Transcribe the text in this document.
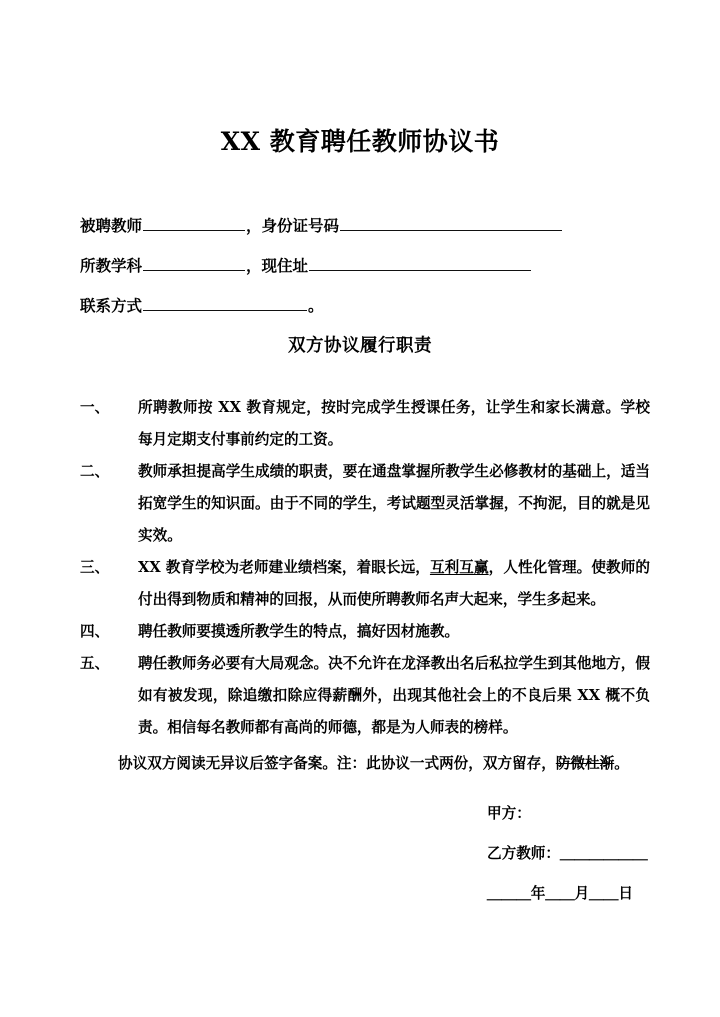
XX 教育聘任教师协议书
被聘教师	，身份证号码
所教学科	，现住址
联系方式	。
双方协议履行职责
一、	所聘教师按 XX 教育规定，按时完成学生授课任务，让学生和家长满意。学校每月定期支付事前约定的工资。
二、	教师承担提高学生成绩的职责，要在通盘掌握所教学生必修教材的基础上，适当拓宽学生的知识面。由于不同的学生，考试题型灵活掌握，不拘泥，目的就是见实效。
三、	XX 教育学校为老师建业绩档案，着眼长远，互利互赢，人性化管理。使教师的付出得到物质和精神的回报，从而使所聘教师名声大起来，学生多起来。
四、	聘任教师要摸透所教学生的特点，搞好因材施教。
五、	聘任教师务必要有大局观念。决不允许在龙泽教出名后私拉学生到其他地方，假如有被发现，除追缴扣除应得薪酬外，出现其他社会上的不良后果 XX 概不负责。相信每名教师都有高尚的师德，都是为人师表的榜样。
协议双方阅读无异议后签字备案。注：此协议一式两份，双方留存，防微杜渐。
甲方：
乙方教师：＿＿＿＿＿＿
＿＿＿年＿＿月＿＿日
